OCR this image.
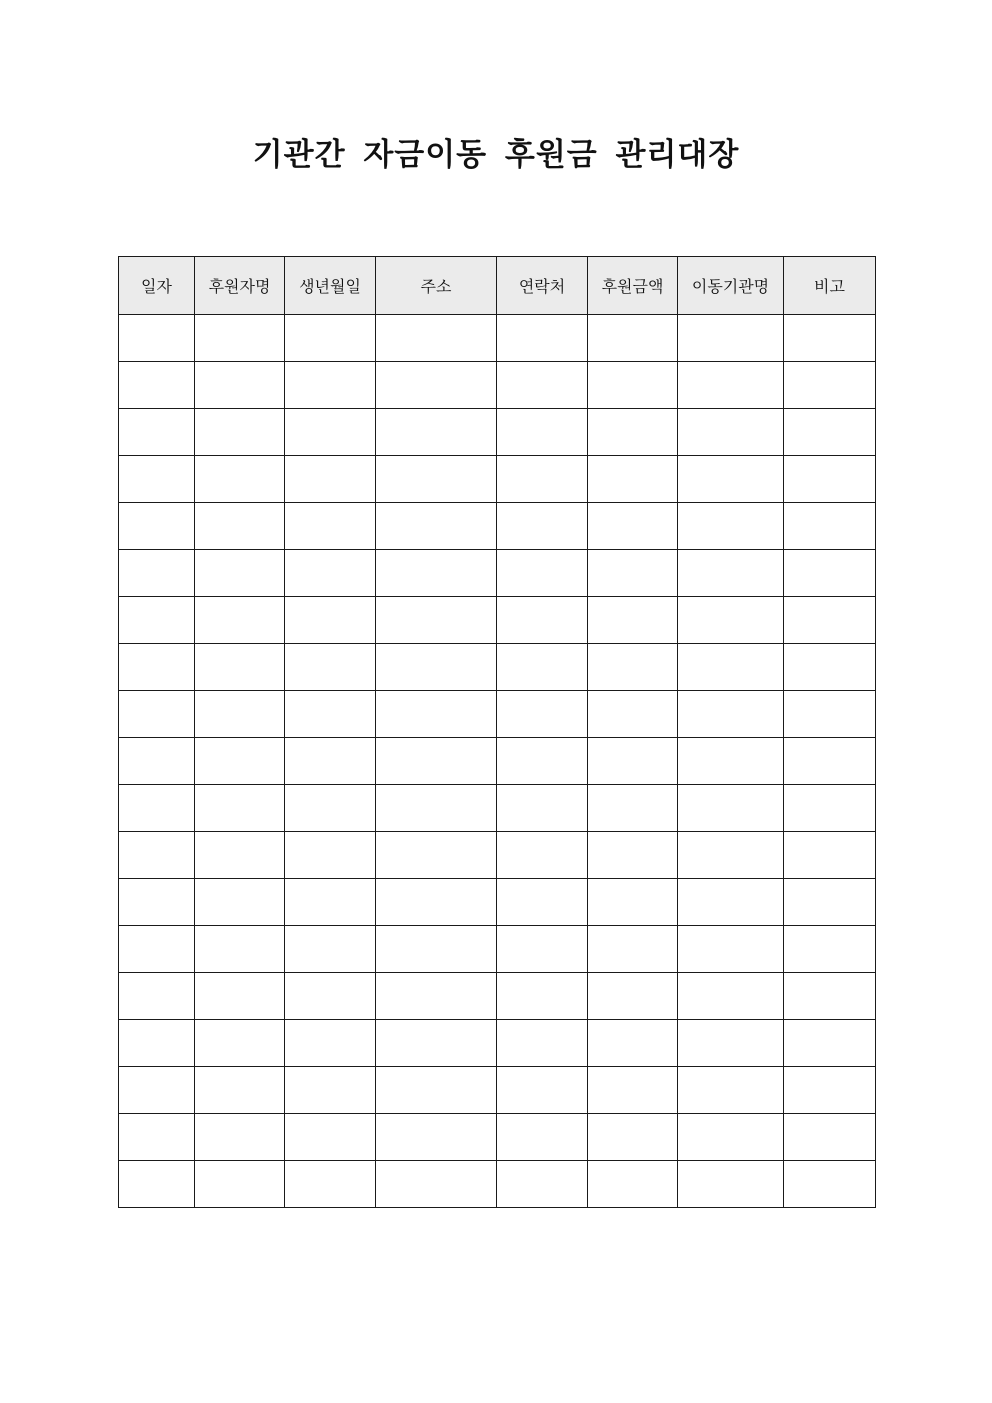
기관간 자금이동 후원금 관리대장
일자	후원자명	생년월일	주소	연락처	후원금액	이동기관명	비고
